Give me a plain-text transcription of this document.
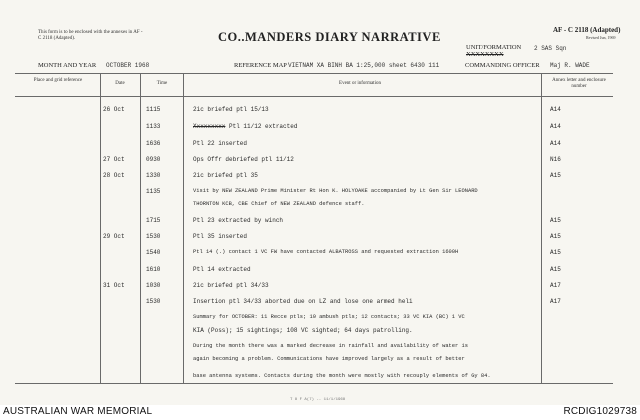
This form is to be enclosed with the annexes in AF - C 2118 (Adapted).	CO..MANDERS DIARY NARRATIVE	AF - C 2118 (Adapted)
Revised Jun, 1969
UNIT/FORMATION
XXXXXXXX
2 SAS Sqn
MONTH AND YEAR OCTOBER 1968	REFERENCE MAP VIETNAM XA BINH BA 1:25,000 sheet 6430 111	COMMANDING OFFICER Maj R. WADE
Place and grid reference
Date	Time	Event or information
Annex letter and enclosure number
26 Oct	1115	2ic briefed ptl 15/13	A14
1133	Xxxxxxxxx Ptl 11/12 extracted	A14
1636	Ptl 22 inserted	A14
27 Oct	0930	Ops Offr debriefed ptl 11/12	N16
28 Oct	1330	2ic briefed ptl 35	A15
1135	Visit by NEW ZEALAND Prime Minister Rt Hon K. HOLYOAKE accompanied by Lt Gen Sir LEONARD
THORNTON KCB, CBE Chief of NEW ZEALAND defence staff.
1715	Ptl 23 extracted by winch	A15
29 Oct	1530	Ptl 35 inserted	A15
1540	Ptl 14 (.) contact 1 VC FW have contacted ALBATROSS and requested extraction 1600H	A15
1610	Ptl 14 extracted	A15
31 Oct	1030	2ic briefed ptl 34/33	A17
1530	Insertion ptl 34/33 aborted due on LZ and lose one armed heli	A17
Summary for OCTOBER: 11 Recce ptls; 10 ambush ptls; 12 contacts; 33 VC KIA (BC) 1 VC
KIA (Poss); 15 sightings; 108 VC sighted; 64 days patrolling.
During the month there was a marked decrease in rainfall and availability of water is
again becoming a problem. Communications have improved largely as a result of better
base antenna systems. Contacts during the month were mostly with recouply elements of Gy 84.
T 8 F A(7) -- 11/1/1968
AUSTRALIAN WAR MEMORIAL	RCDIG1029738
